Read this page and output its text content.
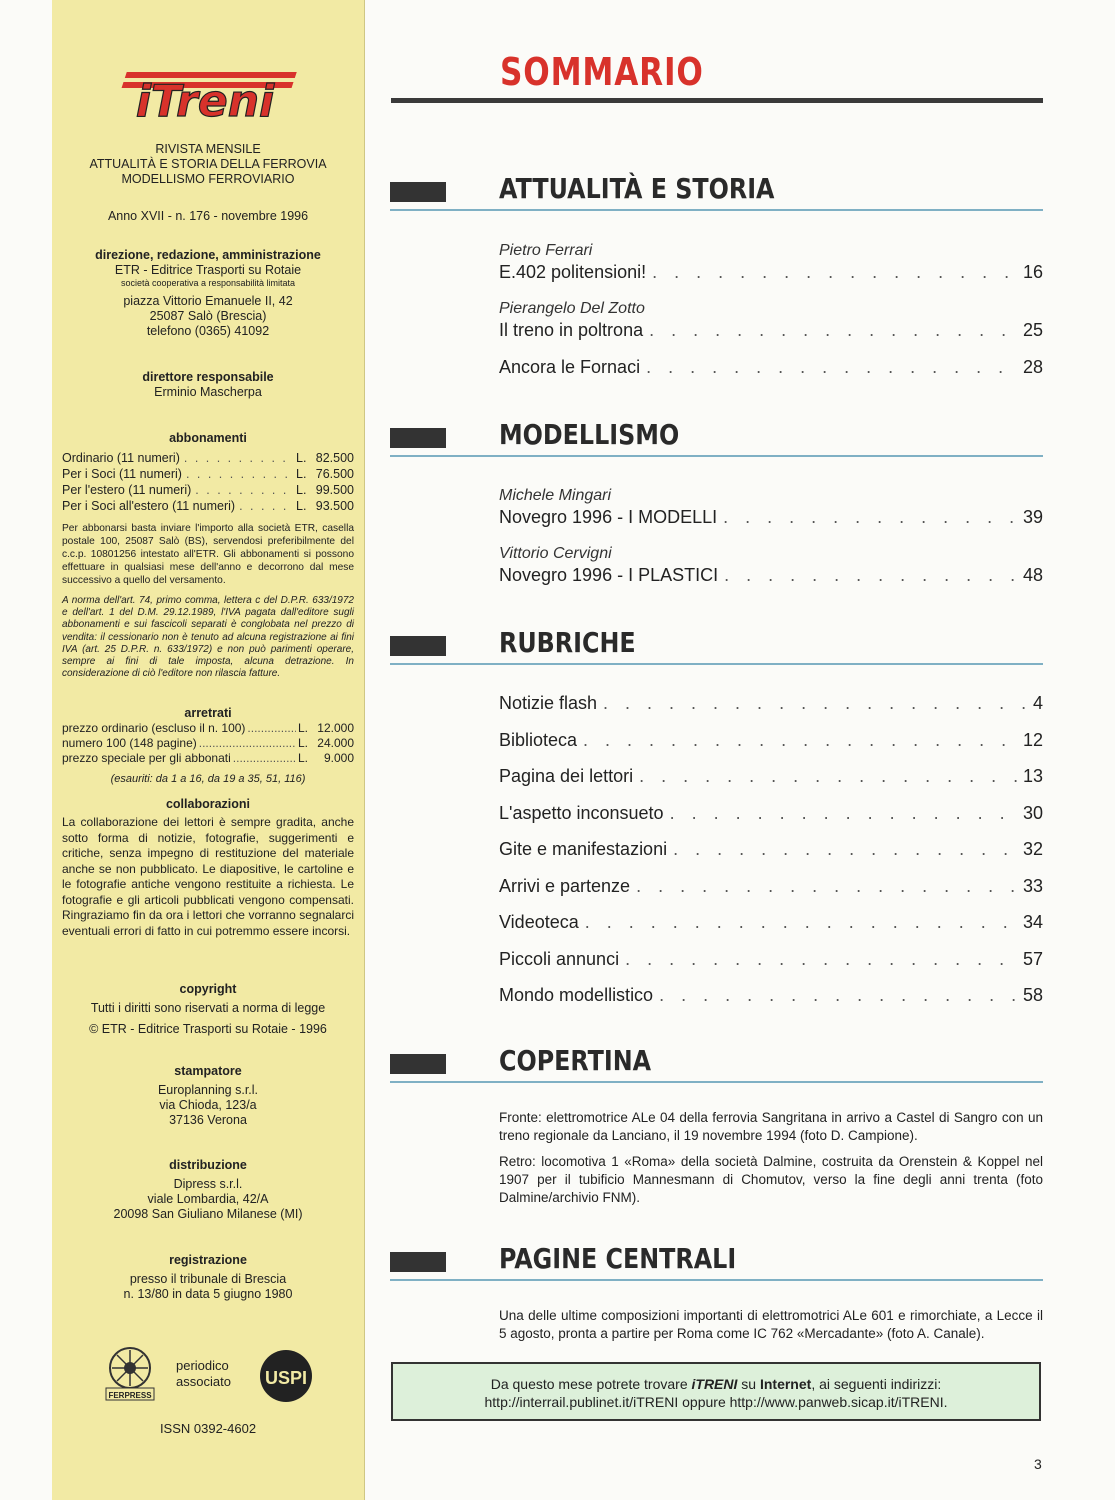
iTreni
RIVISTA MENSILE
ATTUALITÀ E STORIA DELLA FERROVIA
MODELLISMO FERROVIARIO
Anno XVII - n. 176 - novembre 1996
direzione, redazione, amministrazione
ETR - Editrice Trasporti su Rotaie
società cooperativa a responsabilità limitata
piazza Vittorio Emanuele II, 42
25087 Salò (Brescia)
telefono (0365) 41092
direttore responsabile
Erminio Mascherpa
abbonamenti
Ordinario (11 numeri) . . .	L. 82.500
Per i Soci (11 numeri) . . .	L. 76.500
Per l'estero (11 numeri) . . .	L. 99.500
Per i Soci all'estero (11 numeri) . . .	L. 93.500
Per abbonarsi basta inviare l'importo alla società ETR, casella postale 100, 25087 Salò (BS), servendosi preferibilmente del c.c.p. 10801256 intestato all'ETR. Gli abbonamenti si possono effettuare in qualsiasi mese dell'anno e decorrono dal mese successivo a quello del versamento.
A norma dell'art. 74, primo comma, lettera c del D.P.R. 633/1972 e dell'art. 1 del D.M. 29.12.1989, l'IVA pagata dall'editore sugli abbonamenti e sui fascicoli separati è conglobata nel prezzo di vendita: il cessionario non è tenuto ad alcuna registrazione ai fini IVA (art. 25 D.P.R. n. 633/1972) e non può parimenti operare, sempre ai fini di tale imposta, alcuna detrazione. In considerazione di ciò l'editore non rilascia fatture.
arretrati
prezzo ordinario (escluso il n. 100) .....	L. 12.000
numero 100 (148 pagine) .....	L. 24.000
prezzo speciale per gli abbonati .....	L. 9.000
(esauriti: da 1 a 16, da 19 a 35, 51, 116)
collaborazioni
La collaborazione dei lettori è sempre gradita, anche sotto forma di notizie, fotografie, suggerimenti e critiche, senza impegno di restituzione del materiale anche se non pubblicato. Le diapositive, le cartoline e le fotografie antiche vengono restituite a richiesta. Le fotografie e gli articoli pubblicati vengono compensati. Ringraziamo fin da ora i lettori che vorranno segnalarci eventuali errori di fatto in cui potremmo essere incorsi.
copyright
Tutti i diritti sono riservati a norma di legge
© ETR - Editrice Trasporti su Rotaie - 1996
stampatore
Europlanning s.r.l.
via Chioda, 123/a
37136 Verona
distribuzione
Dipress s.r.l.
viale Lombardia, 42/A
20098 San Giuliano Milanese (MI)
registrazione
presso il tribunale di Brescia
n. 13/80 in data 5 giugno 1980
FERPRESS
periodico
associato USPI
ISSN 0392-4602
SOMMARIO
ATTUALITÀ E STORIA
Pietro Ferrari
E.402 politensioni! . . .	16
Pierangelo Del Zotto
Il treno in poltrona . . .	25
Ancora le Fornaci . . .	28
MODELLISMO
Michele Mingari
Novegro 1996 - I MODELLI . . .	39
Vittorio Cervigni
Novegro 1996 - I PLASTICI . . .	48
RUBRICHE
Notizie flash . . .	4
Biblioteca . . .	12
Pagina dei lettori . . .	13
L'aspetto inconsueto . . .	30
Gite e manifestazioni . . .	32
Arrivi e partenze . . .	33
Videoteca . . .	34
Piccoli annunci . . .	57
Mondo modellistico . . .	58
COPERTINA
Fronte: elettromotrice ALe 04 della ferrovia Sangritana in arrivo a Castel di Sangro con un treno regionale da Lanciano, il 19 novembre 1994 (foto D. Campione).
Retro: locomotiva 1 «Roma» della società Dalmine, costruita da Orenstein & Koppel nel 1907 per il tubificio Mannesmann di Chomutov, verso la fine degli anni trenta (foto Dalmine/archivio FNM).
PAGINE CENTRALI
Una delle ultime composizioni importanti di elettromotrici ALe 601 e rimorchiate, a Lecce il 5 agosto, pronta a partire per Roma come IC 762 «Mercadante» (foto A. Canale).
Da questo mese potrete trovare iTRENI su Internet, ai seguenti indirizzi:
http://interrail.publinet.it/iTRENI oppure http://www.panweb.sicap.it/iTRENI.
3
